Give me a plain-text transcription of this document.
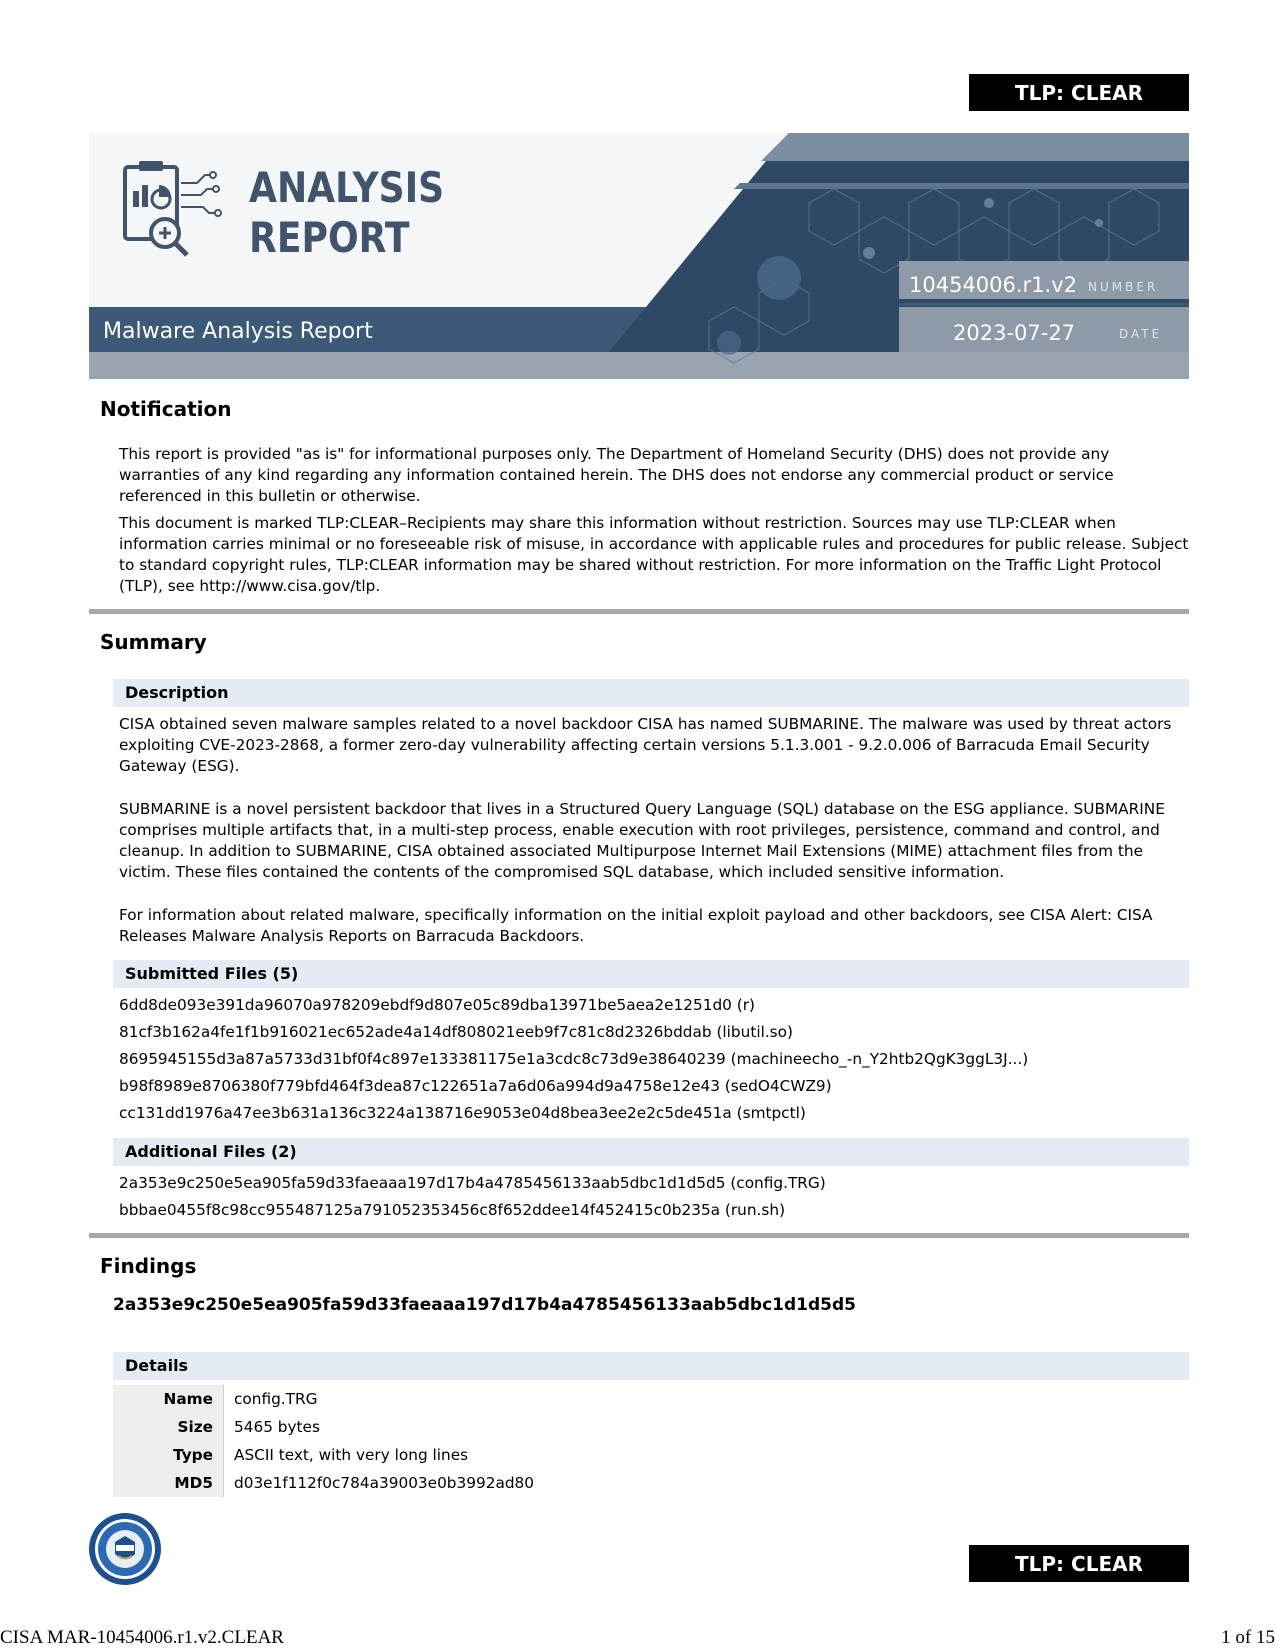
TLP: CLEAR
ANALYSIS
REPORT
Malware Analysis Report
10454006.r1.v2 NUMBER
2023-07-27	DATE
Notification
This report is provided "as is" for informational purposes only. The Department of Homeland Security (DHS) does not provide any warranties of any kind regarding any information contained herein. The DHS does not endorse any commercial product or service referenced in this bulletin or otherwise.
This document is marked TLP:CLEAR–Recipients may share this information without restriction. Sources may use TLP:CLEAR when information carries minimal or no foreseeable risk of misuse, in accordance with applicable rules and procedures for public release. Subject to standard copyright rules, TLP:CLEAR information may be shared without restriction. For more information on the Traffic Light Protocol (TLP), see http://www.cisa.gov/tlp.
Summary
Description
CISA obtained seven malware samples related to a novel backdoor CISA has named SUBMARINE. The malware was used by threat actors exploiting CVE-2023-2868, a former zero-day vulnerability affecting certain versions 5.1.3.001 - 9.2.0.006 of Barracuda Email Security Gateway (ESG).
SUBMARINE is a novel persistent backdoor that lives in a Structured Query Language (SQL) database on the ESG appliance. SUBMARINE comprises multiple artifacts that, in a multi-step process, enable execution with root privileges, persistence, command and control, and cleanup. In addition to SUBMARINE, CISA obtained associated Multipurpose Internet Mail Extensions (MIME) attachment files from the victim. These files contained the contents of the compromised SQL database, which included sensitive information.
For information about related malware, specifically information on the initial exploit payload and other backdoors, see CISA Alert: CISA Releases Malware Analysis Reports on Barracuda Backdoors.
Submitted Files (5)
6dd8de093e391da96070a978209ebdf9d807e05c89dba13971be5aea2e1251d0 (r)
81cf3b162a4fe1f1b916021ec652ade4a14df808021eeb9f7c81c8d2326bddab (libutil.so)
8695945155d3a87a5733d31bf0f4c897e133381175e1a3cdc8c73d9e38640239 (machineecho_-n_Y2htb2QgK3ggL3J...)
b98f8989e8706380f779bfd464f3dea87c122651a7a6d06a994d9a4758e12e43 (sedO4CWZ9)
cc131dd1976a47ee3b631a136c3224a138716e9053e04d8bea3ee2e2c5de451a (smtpctl)
Additional Files (2)
2a353e9c250e5ea905fa59d33faeaaa197d17b4a4785456133aab5dbc1d1d5d5 (config.TRG)
bbbae0455f8c98cc955487125a791052353456c8f652ddee14f452415c0b235a (run.sh)
Findings
2a353e9c250e5ea905fa59d33faeaaa197d17b4a4785456133aab5dbc1d1d5d5
Details
Name	config.TRG
Size	5465 bytes
Type	ASCII text, with very long lines
MD5	d03e1f112f0c784a39003e0b3992ad80
TLP: CLEAR
CISA MAR-10454006.r1.v2.CLEAR	1 of 15
